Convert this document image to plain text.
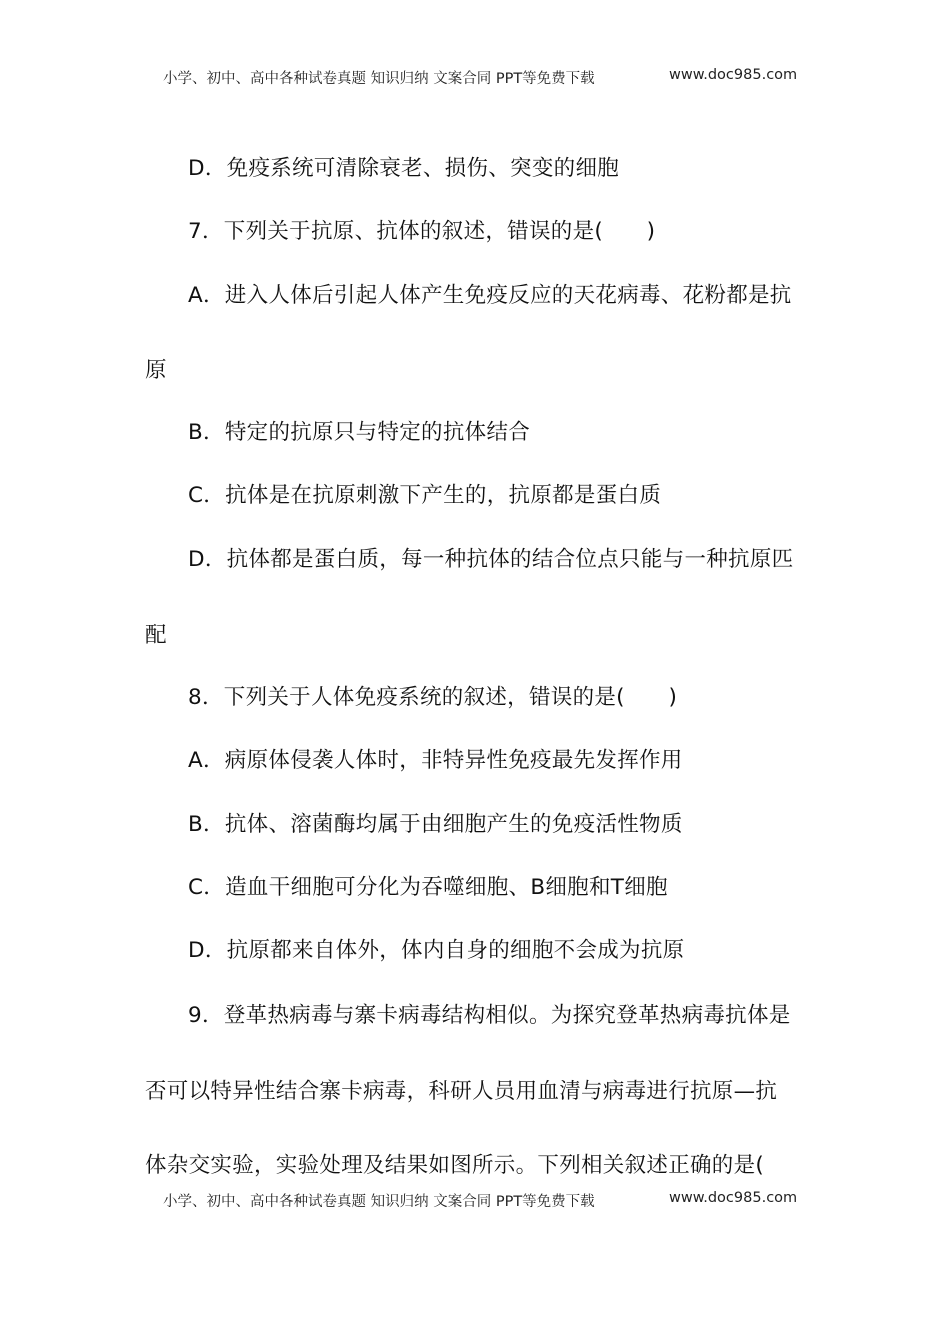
小学、初中、高中各种试卷真题 知识归纳 文案合同 PPT等免费下载	www.doc985.com
D．免疫系统可清除衰老、损伤、突变的细胞
7．下列关于抗原、抗体的叙述，错误的是(　　)
A．进入人体后引起人体产生免疫反应的天花病毒、花粉都是抗
原
B．特定的抗原只与特定的抗体结合
C．抗体是在抗原刺激下产生的，抗原都是蛋白质
D．抗体都是蛋白质，每一种抗体的结合位点只能与一种抗原匹
配
8．下列关于人体免疫系统的叙述，错误的是(　　)
A．病原体侵袭人体时，非特异性免疫最先发挥作用
B．抗体、溶菌酶均属于由细胞产生的免疫活性物质
C．造血干细胞可分化为吞噬细胞、B细胞和T细胞
D．抗原都来自体外，体内自身的细胞不会成为抗原
9．登革热病毒与寨卡病毒结构相似。为探究登革热病毒抗体是
否可以特异性结合寨卡病毒，科研人员用血清与病毒进行抗原—抗
体杂交实验，实验处理及结果如图所示。下列相关叙述正确的是(
小学、初中、高中各种试卷真题 知识归纳 文案合同 PPT等免费下载	www.doc985.com
